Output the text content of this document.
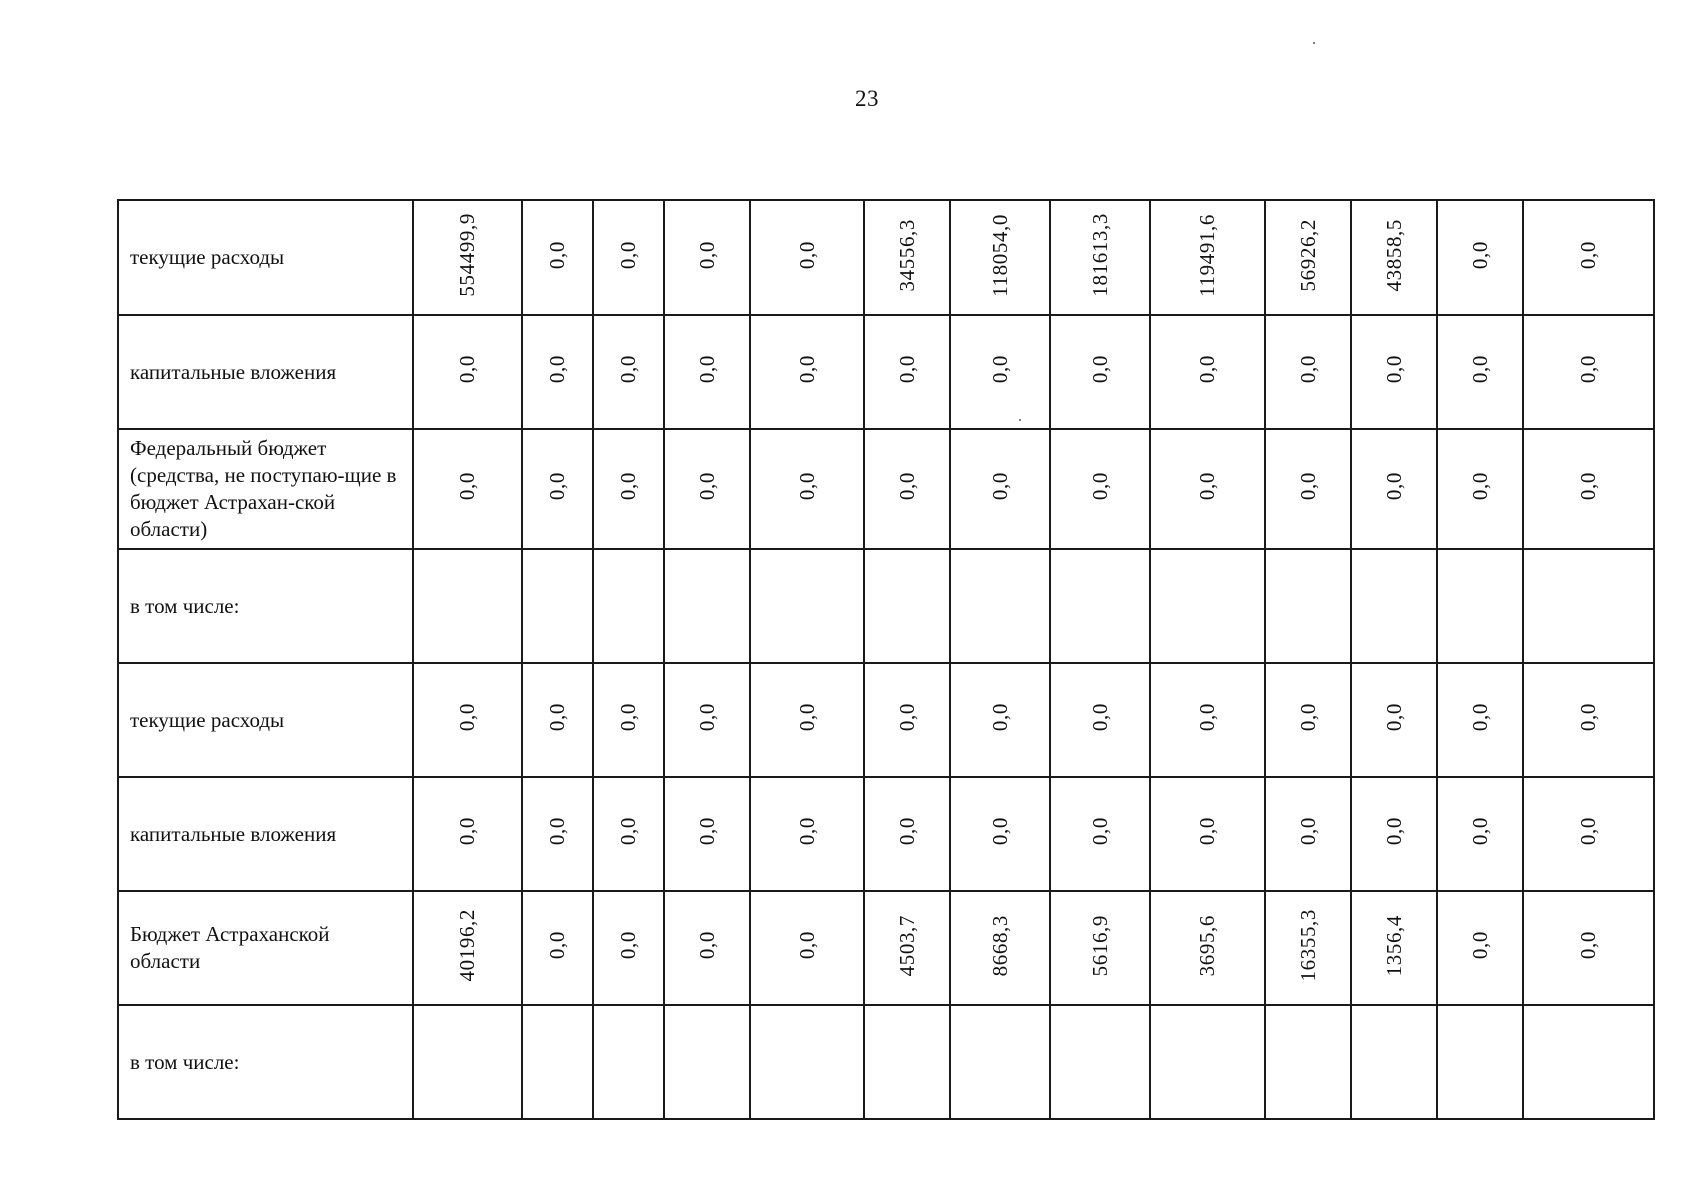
23
текущие расходы	554499,9	0,0	0,0	0,0	0,0	34556,3	118054,0	181613,3	119491,6	56926,2	43858,5	0,0	0,0
капитальные вложения	0,0	0,0	0,0	0,0	0,0	0,0	0,0	0,0	0,0	0,0	0,0	0,0	0,0
Федеральный бюджет (средства, не поступаю-щие в бюджет Астрахан-ской области)	0,0	0,0	0,0	0,0	0,0	0,0	0,0	0,0	0,0	0,0	0,0	0,0	0,0
в том числе:													
текущие расходы	0,0	0,0	0,0	0,0	0,0	0,0	0,0	0,0	0,0	0,0	0,0	0,0	0,0
капитальные вложения	0,0	0,0	0,0	0,0	0,0	0,0	0,0	0,0	0,0	0,0	0,0	0,0	0,0
Бюджет Астраханской области	40196,2	0,0	0,0	0,0	0,0	4503,7	8668,3	5616,9	3695,6	16355,3	1356,4	0,0	0,0
в том числе:													
